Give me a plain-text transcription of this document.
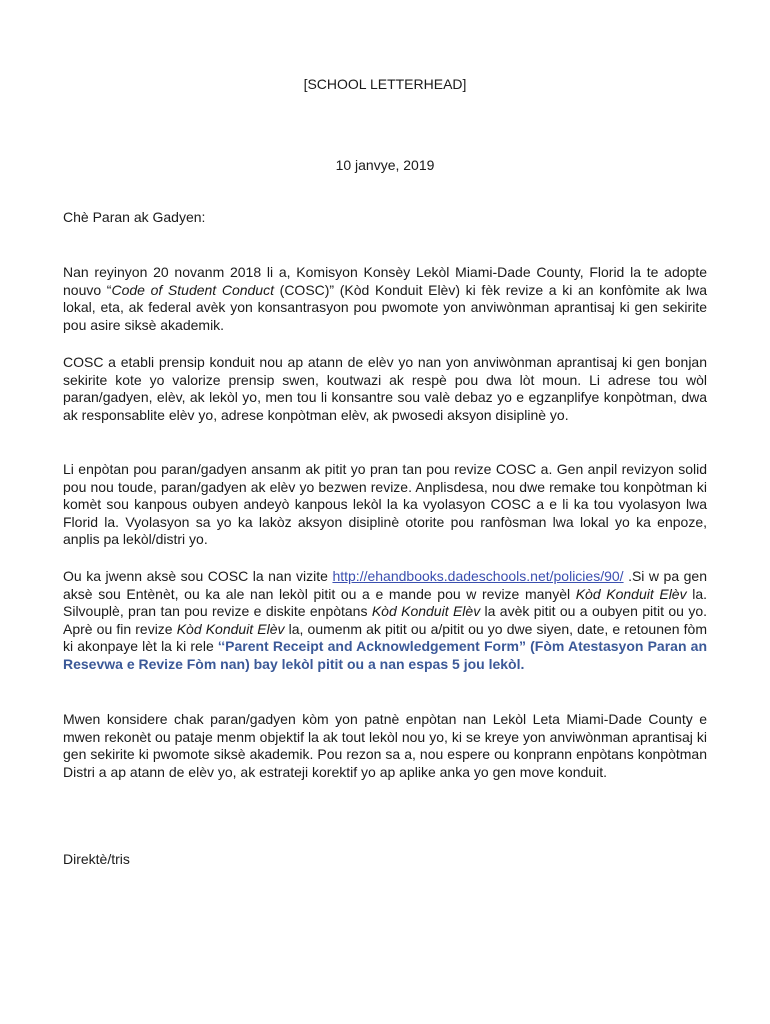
[SCHOOL LETTERHEAD]
10 janvye, 2019
Chè Paran ak Gadyen:

Nan reyinyon 20 novanm 2018 li a, Komisyon Konsèy Lekòl Miami-Dade County, Florid la te adopte nouvo “Code of Student Conduct (COSC)” (Kòd Konduit Elèv) ki fèk revize a ki an konfòmite ak lwa lokal, eta, ak federal avèk yon konsantrasyon pou pwomote yon anviwònman aprantisaj ki gen sekirite pou asire siksè akademik.

COSC a etabli prensip konduit nou ap atann de elèv yo nan yon anviwònman aprantisaj ki gen bonjan sekirite kote yo valorize prensip swen, koutwazi ak respè pou dwa lòt moun. Li adrese tou wòl paran/gadyen, elèv, ak lekòl yo, men tou li konsantre sou valè debaz yo e egzanplifye konpòtman, dwa ak responsablite elèv yo, adrese konpòtman elèv, ak pwosedi aksyon disiplinè yo.

Li enpòtan pou paran/gadyen ansanm ak pitit yo pran tan pou revize COSC a. Gen anpil revizyon solid pou nou toude, paran/gadyen ak elèv yo bezwen revize. Anplisdesa, nou dwe remake tou konpòtman ki komèt sou kanpous oubyen andeyò kanpous lekòl la ka vyolasyon COSC a e li ka tou vyolasyon lwa Florid la. Vyolasyon sa yo ka lakòz aksyon disiplinè otorite pou ranfòsman lwa lokal yo ka enpoze, anplis pa lekòl/distri yo.

Ou ka jwenn aksè sou COSC la nan vizite http://ehandbooks.dadeschools.net/policies/90/ .Si w pa gen aksè sou Entènèt, ou ka ale nan lekòl pitit ou a e mande pou w revize manyèl Kòd Konduit Elèv la. Silvouplè, pran tan pou revize e diskite enpòtans Kòd Konduit Elèv la avèk pitit ou a oubyen pitit ou yo. Aprè ou fin revize Kòd Konduit Elèv la, oumenm ak pitit ou a/pitit ou yo dwe siyen, date, e retounen fòm ki akonpaye lèt la ki rele ‘‘Parent Receipt and Acknowledgement Form” (Fòm Atestasyon Paran an Resevwa e Revize Fòm nan) bay lekòl pitit ou a nan espas 5 jou lekòl.

Mwen konsidere chak paran/gadyen kòm yon patnè enpòtan nan Lekòl Leta Miami-Dade County e mwen rekonèt ou pataje menm objektif la ak tout lekòl nou yo, ki se kreye yon anviwònman aprantisaj ki gen sekirite ki pwomote siksè akademik. Pou rezon sa a, nou espere ou konprann enpòtans konpòtman Distri a ap atann de elèv yo, ak estrateji korektif yo ap aplike anka yo gen move konduit.

Direktè/tris
